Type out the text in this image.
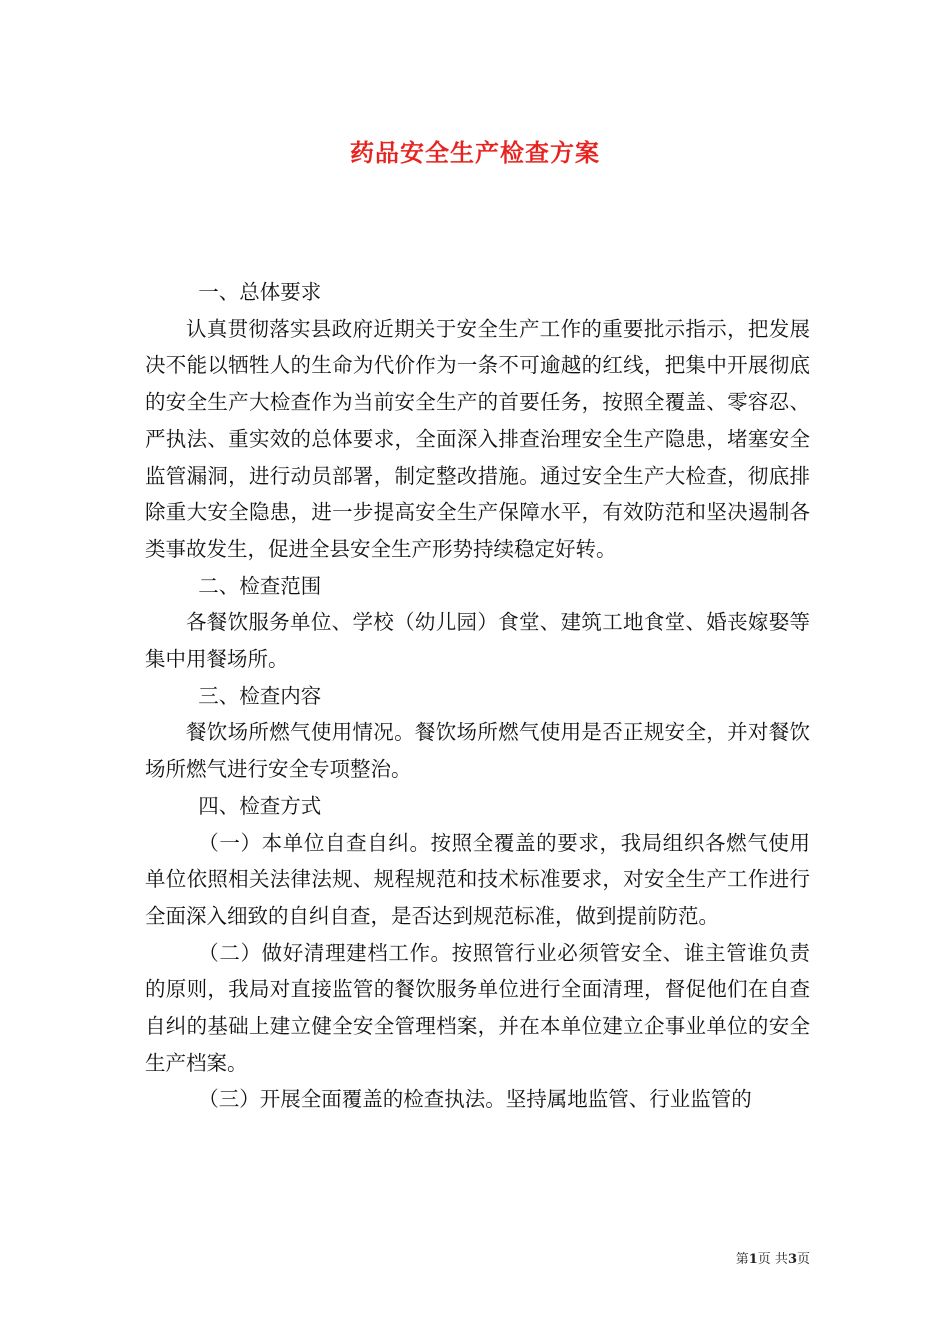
药品安全生产检查方案

一、总体要求

认真贯彻落实县政府近期关于安全生产工作的重要批示指示，把发展决不能以牺牲人的生命为代价作为一条不可逾越的红线，把集中开展彻底的安全生产大检查作为当前安全生产的首要任务，按照全覆盖、零容忍、严执法、重实效的总体要求，全面深入排查治理安全生产隐患，堵塞安全监管漏洞，进行动员部署，制定整改措施。通过安全生产大检查，彻底排除重大安全隐患，进一步提高安全生产保障水平，有效防范和坚决遏制各类事故发生，促进全县安全生产形势持续稳定好转。

二、检查范围

各餐饮服务单位、学校（幼儿园）食堂、建筑工地食堂、婚丧嫁娶等集中用餐场所。

三、检查内容

餐饮场所燃气使用情况。餐饮场所燃气使用是否正规安全，并对餐饮场所燃气进行安全专项整治。

四、检查方式

（一）本单位自查自纠。按照全覆盖的要求，我局组织各燃气使用单位依照相关法律法规、规程规范和技术标准要求，对安全生产工作进行全面深入细致的自纠自查，是否达到规范标准，做到提前防范。

（二）做好清理建档工作。按照管行业必须管安全、谁主管谁负责的原则，我局对直接监管的餐饮服务单位进行全面清理，督促他们在自查自纠的基础上建立健全安全管理档案，并在本单位建立企事业单位的安全生产档案。

（三）开展全面覆盖的检查执法。坚持属地监管、行业监管的

第1页 共3页
